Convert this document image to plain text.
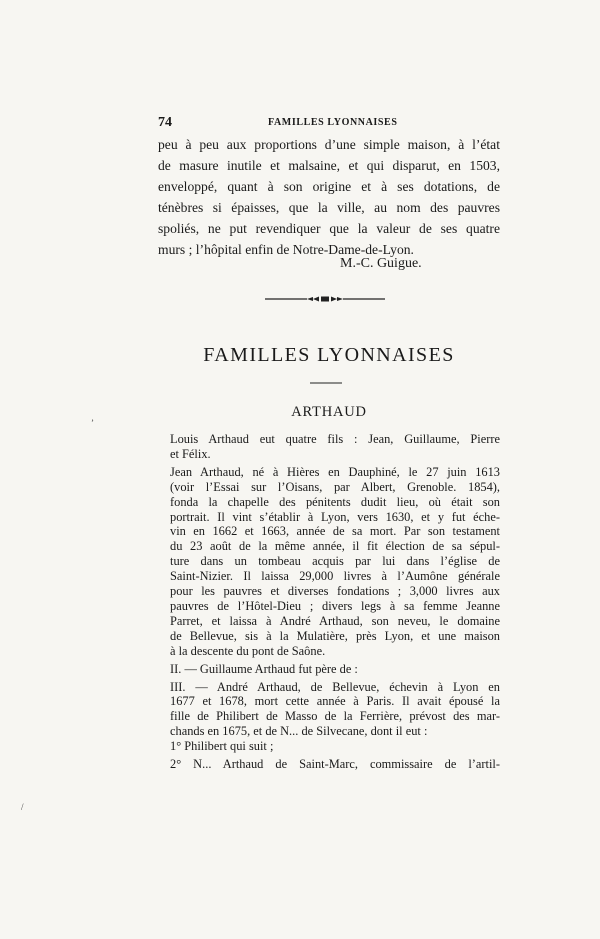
74	FAMILLES LYONNAISES

peu à peu aux proportions d’une simple maison, à l’état
de masure inutile et malsaine, et qui disparut, en 1503,
enveloppé, quant à son origine et à ses dotations, de
ténèbres si épaisses, que la ville, au nom des pauvres
spoliés, ne put revendiquer que la valeur de ses quatre
murs ; l’hôpital enfin de Notre-Dame-de-Lyon.

M.-C. Guigue.
FAMILLES LYONNAISES
ARTHAUD

Louis Arthaud eut quatre fils : Jean, Guillaume, Pierre
et Félix.

Jean Arthaud, né à Hières en Dauphiné, le 27 juin 1613
(voir l’Essai sur l’Oisans, par Albert, Grenoble. 1854),
fonda la chapelle des pénitents dudit lieu, où était son
portrait. Il vint s’établir à Lyon, vers 1630, et y fut éche-
vin en 1662 et 1663, année de sa mort. Par son testament
du 23 août de la même année, il fit élection de sa sépul-
ture dans un tombeau acquis par lui dans l’église de
Saint-Nizier. Il laissa 29,000 livres à l’Aumône générale
pour les pauvres et diverses fondations ; 3,000 livres aux
pauvres de l’Hôtel-Dieu ; divers legs à sa femme Jeanne
Parret, et laissa à André Arthaud, son neveu, le domaine
de Bellevue, sis à la Mulatière, près Lyon, et une maison
à la descente du pont de Saône.

II. — Guillaume Arthaud fut père de :

III. — André Arthaud, de Bellevue, échevin à Lyon en
1677 et 1678, mort cette année à Paris. Il avait épousé la
fille de Philibert de Masso de la Ferrière, prévost des mar-
chands en 1675, et de N... de Silvecane, dont il eut :

1° Philibert qui suit ;

2° N... Arthaud de Saint-Marc, commissaire de l’artil-

’
/
